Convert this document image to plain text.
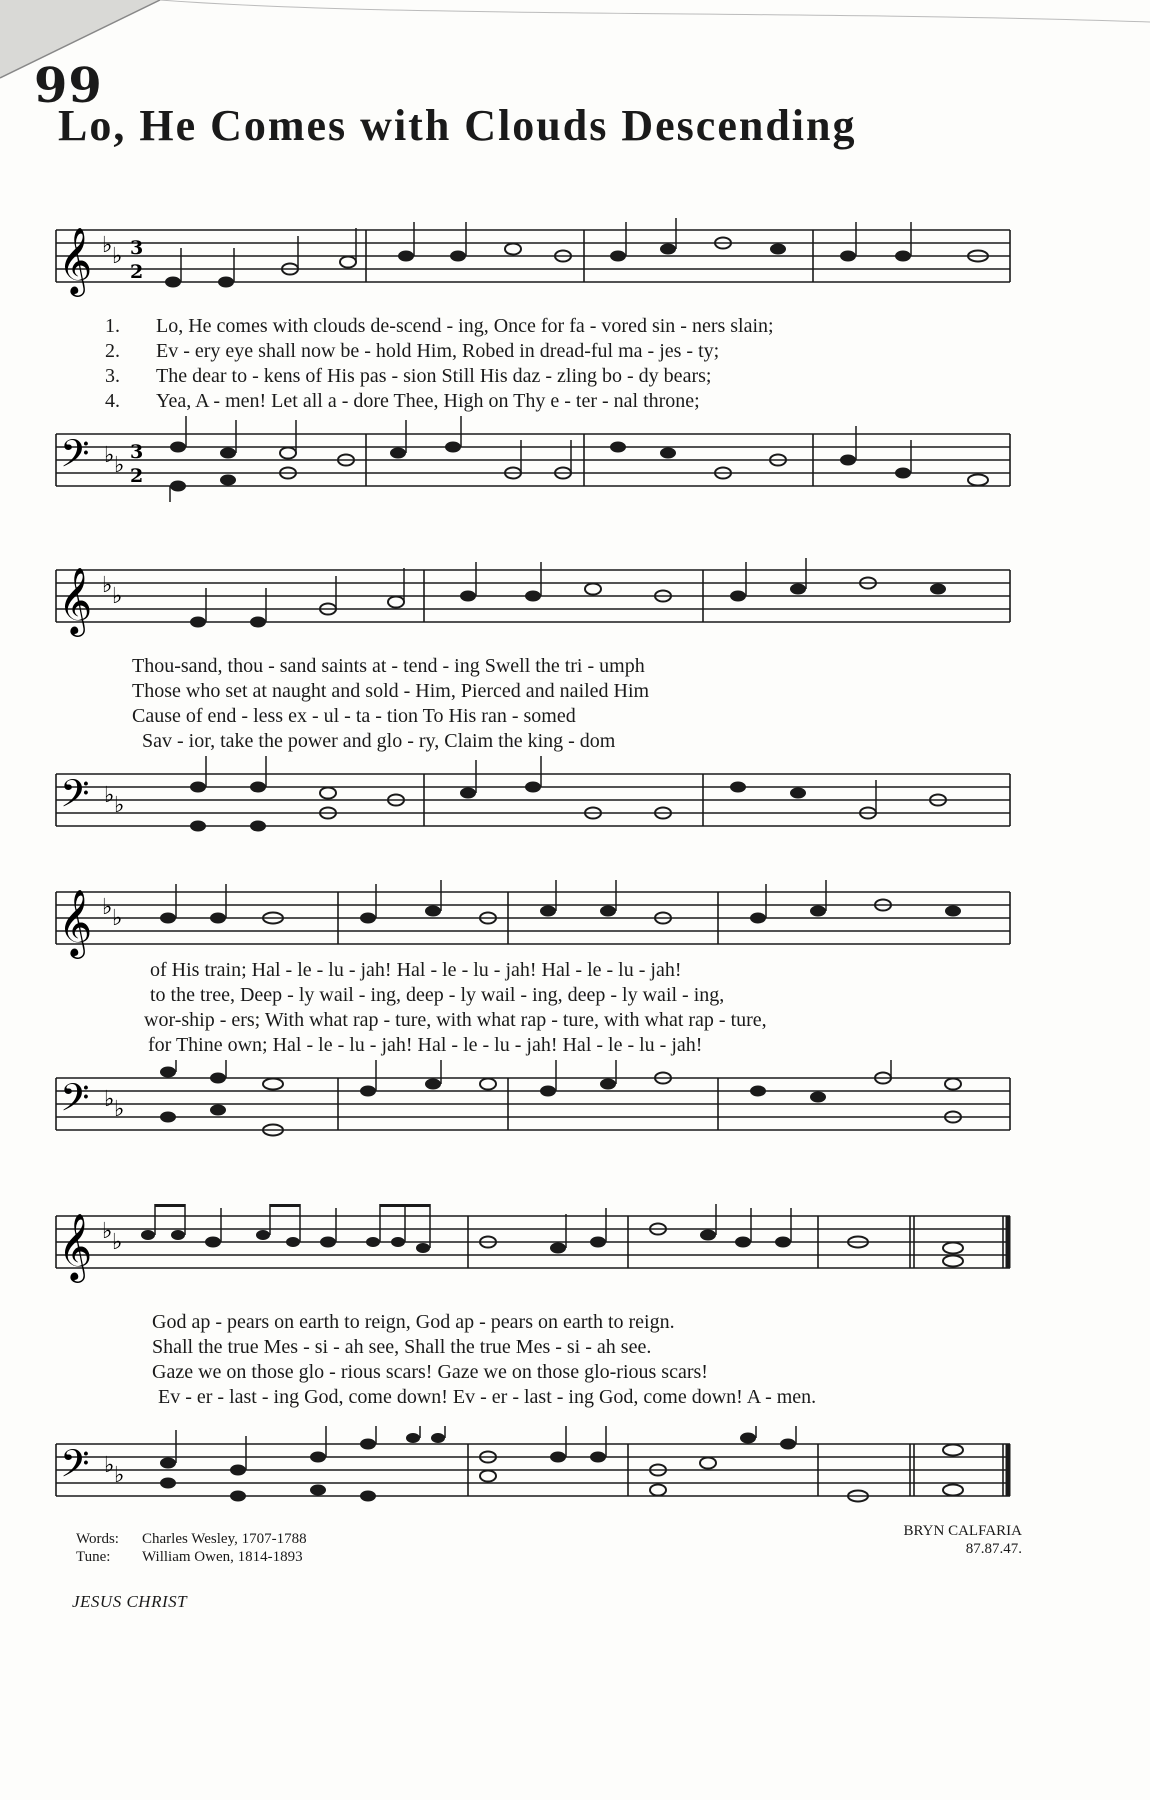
99
Lo, He Comes with Clouds Descending
𝄞 ♭ ♭ 3
2
1. Lo, He comes with clouds de-scend - ing, Once for fa - vored sin - ners slain;
2. Ev - ery eye shall now be - hold Him, Robed in dread-ful ma - jes - ty;
3. The dear to - kens of His pas - sion Still His daz - zling bo - dy bears;
4. Yea, A - men! Let all a - dore Thee, High on Thy e - ter - nal throne;
𝄢 ♭ ♭
3
2
𝄞 ♭ ♭
Thou-sand, thou - sand saints at - tend - ing Swell the tri - umph
Those who set at naught and sold - Him, Pierced and nailed Him
Cause of end - less ex - ul - ta - tion To His ran - somed
Sav - ior, take the power and glo - ry, Claim the king - dom
𝄢 ♭ ♭
𝄞 ♭ ♭
of His train; Hal - le - lu - jah! Hal - le - lu - jah! Hal - le - lu - jah!
to the tree, Deep - ly wail - ing, deep - ly wail - ing, deep - ly wail - ing,
wor-ship - ers; With what rap - ture, with what rap - ture, with what rap - ture,
for Thine own; Hal - le - lu - jah! Hal - le - lu - jah! Hal - le - lu - jah!
𝄢 ♭ ♭
𝄞 ♭ ♭
God ap - pears on earth to reign, God ap - pears on earth to reign.
Shall the true Mes - si - ah see, Shall the true Mes - si - ah see.
Gaze we on those glo - rious scars! Gaze we on those glo-rious scars!
Ev - er - last - ing God, come down! Ev - er - last - ing God, come down! A - men.
𝄢 ♭ ♭
Words: Charles Wesley, 1707-1788
Tune: William Owen, 1814-1893
BRYN CALFARIA
87.87.47.
JESUS CHRIST
